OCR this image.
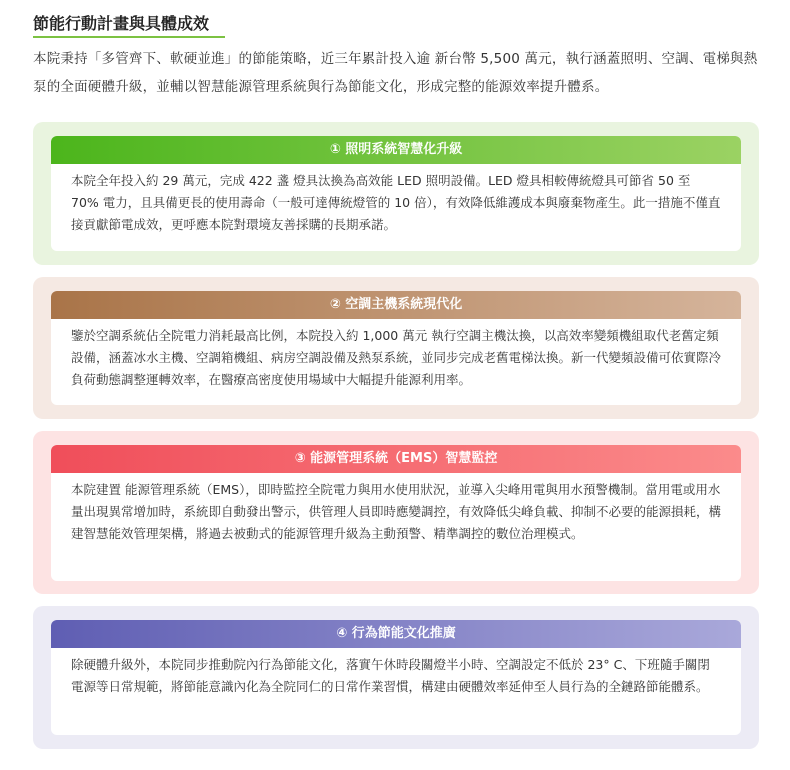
節能行動計畫與具體成效

本院秉持「多管齊下、軟硬並進」的節能策略，近三年累計投入逾 新台幣 5,500 萬元，執行涵蓋照明、空調、電梯與熱泵的全面硬體升級，並輔以智慧能源管理系統與行為節能文化，形成完整的能源效率提升體系。

① 照明系統智慧化升級

本院全年投入約 29 萬元，完成 422 盞 燈具汰換為高效能 LED 照明設備。LED 燈具相較傳統燈具可節省 50 至 70% 電力，且具備更長的使用壽命（一般可達傳統燈管的 10 倍），有效降低維護成本與廢棄物產生。此一措施不僅直接貢獻節電成效，更呼應本院對環境友善採購的長期承諾。

② 空調主機系統現代化

鑒於空調系統佔全院電力消耗最高比例，本院投入約 1,000 萬元 執行空調主機汰換，以高效率變頻機組取代老舊定頻設備，涵蓋冰水主機、空調箱機組、病房空調設備及熱泵系統，並同步完成老舊電梯汰換。新一代變頻設備可依實際冷負荷動態調整運轉效率，在醫療高密度使用場域中大幅提升能源利用率。

③ 能源管理系統（EMS）智慧監控

本院建置 能源管理系統（EMS），即時監控全院電力與用水使用狀況，並導入尖峰用電與用水預警機制。當用電或用水量出現異常增加時，系統即自動發出警示，供管理人員即時應變調控，有效降低尖峰負載、抑制不必要的能源損耗，構建智慧能效管理架構，將過去被動式的能源管理升級為主動預警、精準調控的數位治理模式。

④ 行為節能文化推廣

除硬體升級外，本院同步推動院內行為節能文化，落實午休時段關燈半小時、空調設定不低於 23° C、下班隨手關閉電源等日常規範，將節能意識內化為全院同仁的日常作業習慣，構建由硬體效率延伸至人員行為的全鏈路節能體系。
